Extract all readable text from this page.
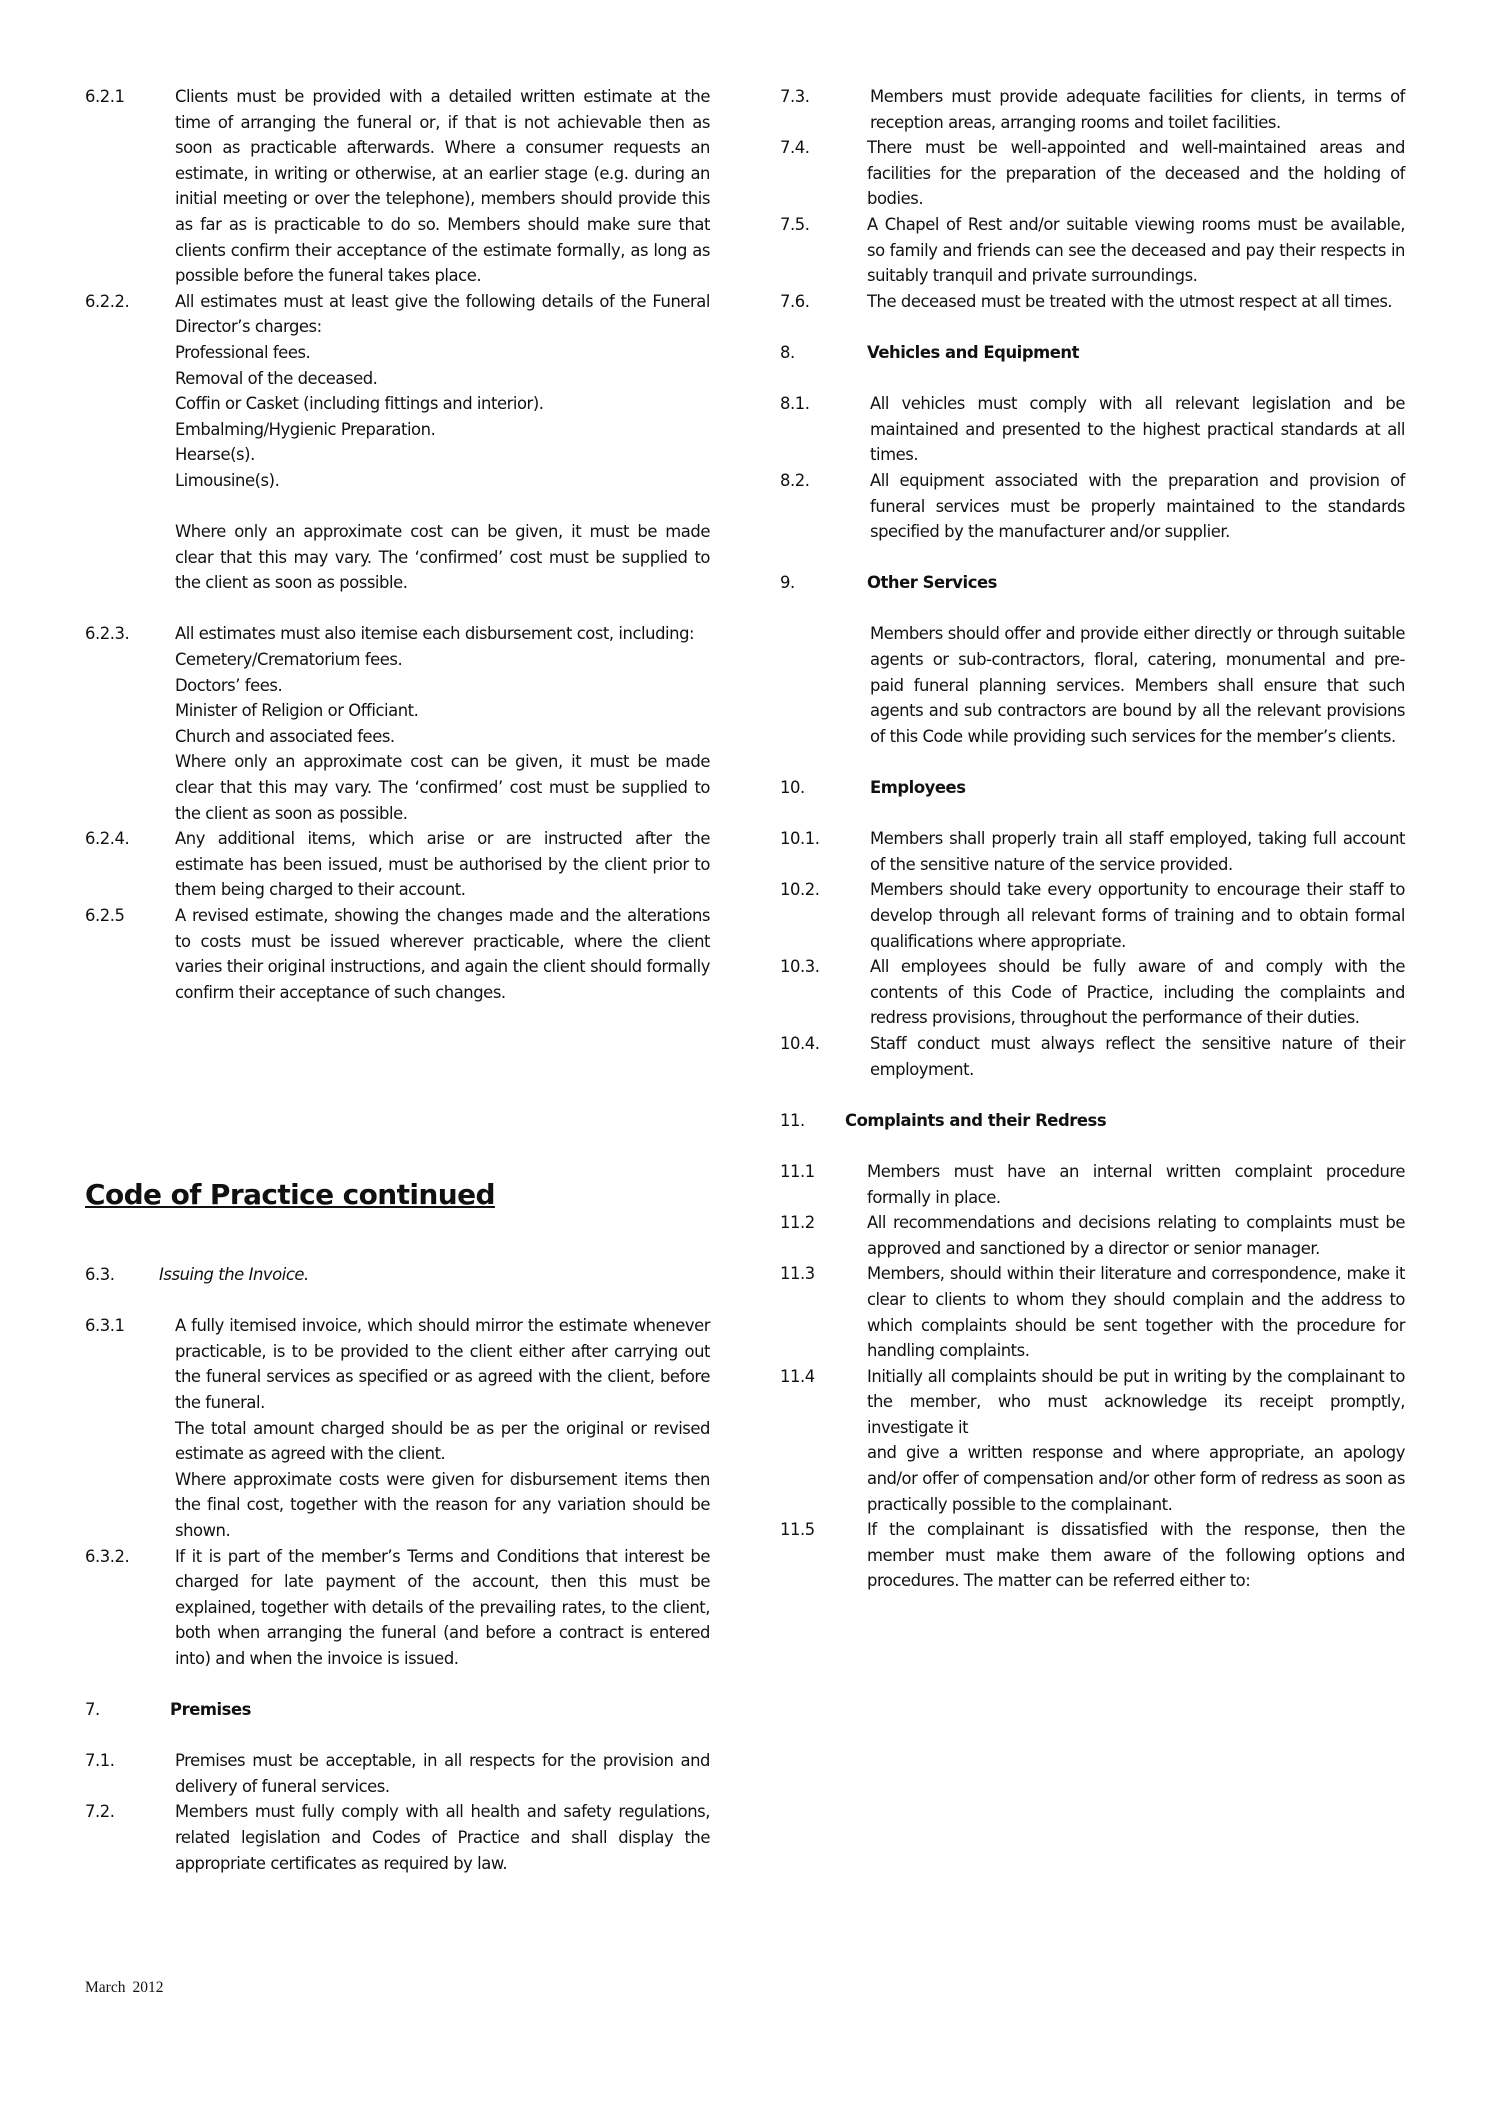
6.2.1	Clients must be provided with a detailed written estimate at the time of arranging the funeral or, if that is not achievable then as soon as practicable afterwards. Where a consumer requests an estimate, in writing or otherwise, at an earlier stage (e.g. during an initial meeting or over the telephone), members should provide this as far as is practicable to do so. Members should make sure that clients confirm their acceptance of the estimate formally, as long as possible before the funeral takes place.
6.2.2.	All estimates must at least give the following details of the Funeral Director’s charges:
Professional fees.
Removal of the deceased.
Coffin or Casket (including fittings and interior).
Embalming/Hygienic Preparation.
Hearse(s).
Limousine(s).
Where only an approximate cost can be given, it must be made clear that this may vary. The ‘confirmed’ cost must be supplied to the client as soon as possible.
6.2.3.	All estimates must also itemise each disbursement cost, including:
Cemetery/Crematorium fees.
Doctors’ fees.
Minister of Religion or Officiant.
Church and associated fees.
Where only an approximate cost can be given, it must be made clear that this may vary. The ‘confirmed’ cost must be supplied to the client as soon as possible.
6.2.4.	Any additional items, which arise or are instructed after the estimate has been issued, must be authorised by the client prior to them being charged to their account.
6.2.5	A revised estimate, showing the changes made and the alterations to costs must be issued wherever practicable, where the client varies their original instructions, and again the client should formally confirm their acceptance of such changes.
Code of Practice continued
6.3.	Issuing the Invoice.
6.3.1	A fully itemised invoice, which should mirror the estimate whenever practicable, is to be provided to the client either after carrying out the funeral services as specified or as agreed with the client, before the funeral.
The total amount charged should be as per the original or revised estimate as agreed with the client.
Where approximate costs were given for disbursement items then the final cost, together with the reason for any variation should be shown.
6.3.2.	If it is part of the member’s Terms and Conditions that interest be charged for late payment of the account, then this must be explained, together with details of the prevailing rates, to the client, both when arranging the funeral (and before a contract is entered into) and when the invoice is issued.
7.	Premises
7.1.	Premises must be acceptable, in all respects for the provision and delivery of funeral services.
7.2.	Members must fully comply with all health and safety regulations, related legislation and Codes of Practice and shall display the appropriate certificates as required by law.
7.3.	Members must provide adequate facilities for clients, in terms of reception areas, arranging rooms and toilet facilities.
7.4.	There must be well-appointed and well-maintained areas and facilities for the preparation of the deceased and the holding of bodies.
7.5.	A Chapel of Rest and/or suitable viewing rooms must be available, so family and friends can see the deceased and pay their respects in suitably tranquil and private surroundings.
7.6.	The deceased must be treated with the utmost respect at all times.
8.	Vehicles and Equipment
8.1.	All vehicles must comply with all relevant legislation and be maintained and presented to the highest practical standards at all times.
8.2.	All equipment associated with the preparation and provision of funeral services must be properly maintained to the standards specified by the manufacturer and/or supplier.
9.	Other Services
Members should offer and provide either directly or through suitable agents or sub-contractors, floral, catering, monumental and pre-paid funeral planning services. Members shall ensure that such agents and sub contractors are bound by all the relevant provisions of this Code while providing such services for the member’s clients.
10.	Employees
10.1.	Members shall properly train all staff employed, taking full account of the sensitive nature of the service provided.
10.2.	Members should take every opportunity to encourage their staff to develop through all relevant forms of training and to obtain formal qualifications where appropriate.
10.3.	All employees should be fully aware of and comply with the contents of this Code of Practice, including the complaints and redress provisions, throughout the performance of their duties.
10.4.	Staff conduct must always reflect the sensitive nature of their employment.
11. Complaints and their Redress
11.1	Members must have an internal written complaint procedure formally in place.
11.2	All recommendations and decisions relating to complaints must be approved and sanctioned by a director or senior manager.
11.3	Members, should within their literature and correspondence, make it clear to clients to whom they should complain and the address to which complaints should be sent together with the procedure for handling complaints.
11.4	Initially all complaints should be put in writing by the complainant to the member, who must acknowledge its receipt promptly, investigate it
and give a written response and where appropriate, an apology and/or offer of compensation and/or other form of redress as soon as practically possible to the complainant.
11.5	If the complainant is dissatisfied with the response, then the member must make them aware of the following options and procedures. The matter can be referred either to:
March 2012
